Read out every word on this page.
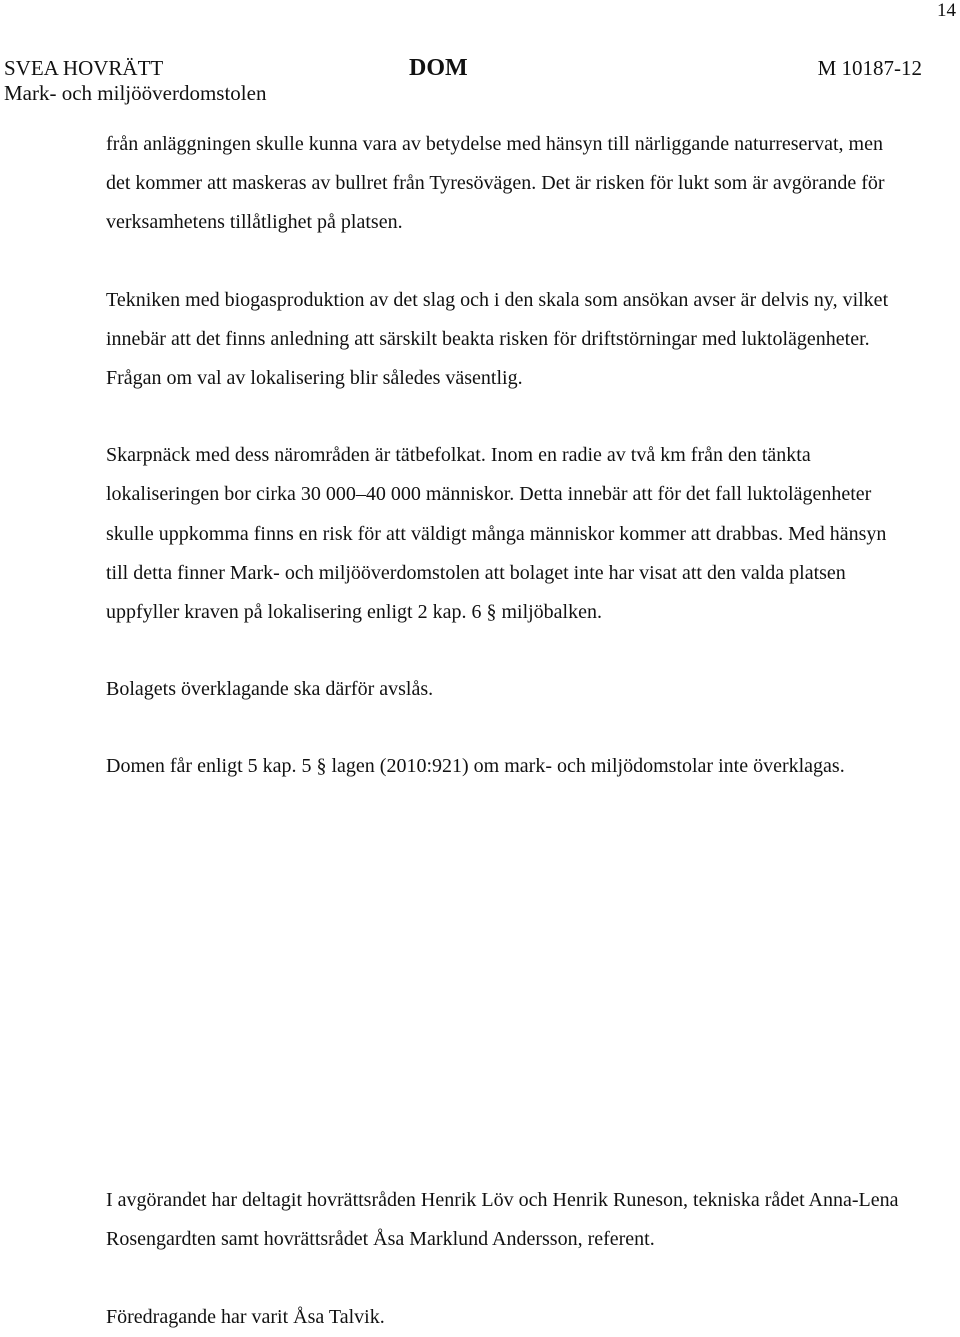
14
SVEA HOVRÄTT
Mark- och miljööverdomstolen
DOM	M 10187-12

från anläggningen skulle kunna vara av betydelse med hänsyn till närliggande naturreservat, men det kommer att maskeras av bullret från Tyresövägen. Det är risken för lukt som är avgörande för verksamhetens tillåtlighet på platsen.

Tekniken med biogasproduktion av det slag och i den skala som ansökan avser är delvis ny, vilket innebär att det finns anledning att särskilt beakta risken för driftstörningar med luktolägenheter. Frågan om val av lokalisering blir således väsentlig.

Skarpnäck med dess närområden är tätbefolkat. Inom en radie av två km från den tänkta lokaliseringen bor cirka 30 000–40 000 människor. Detta innebär att för det fall luktolägenheter skulle uppkomma finns en risk för att väldigt många människor kommer att drabbas. Med hänsyn till detta finner Mark- och miljööverdomstolen att bolaget inte har visat att den valda platsen uppfyller kraven på lokalisering enligt 2 kap. 6 § miljöbalken.

Bolagets överklagande ska därför avslås.

Domen får enligt 5 kap. 5 § lagen (2010:921) om mark- och miljödomstolar inte överklagas.

I avgörandet har deltagit hovrättsråden Henrik Löv och Henrik Runeson, tekniska rådet Anna-Lena Rosengardten samt hovrättsrådet Åsa Marklund Andersson, referent.

Föredragande har varit Åsa Talvik.
